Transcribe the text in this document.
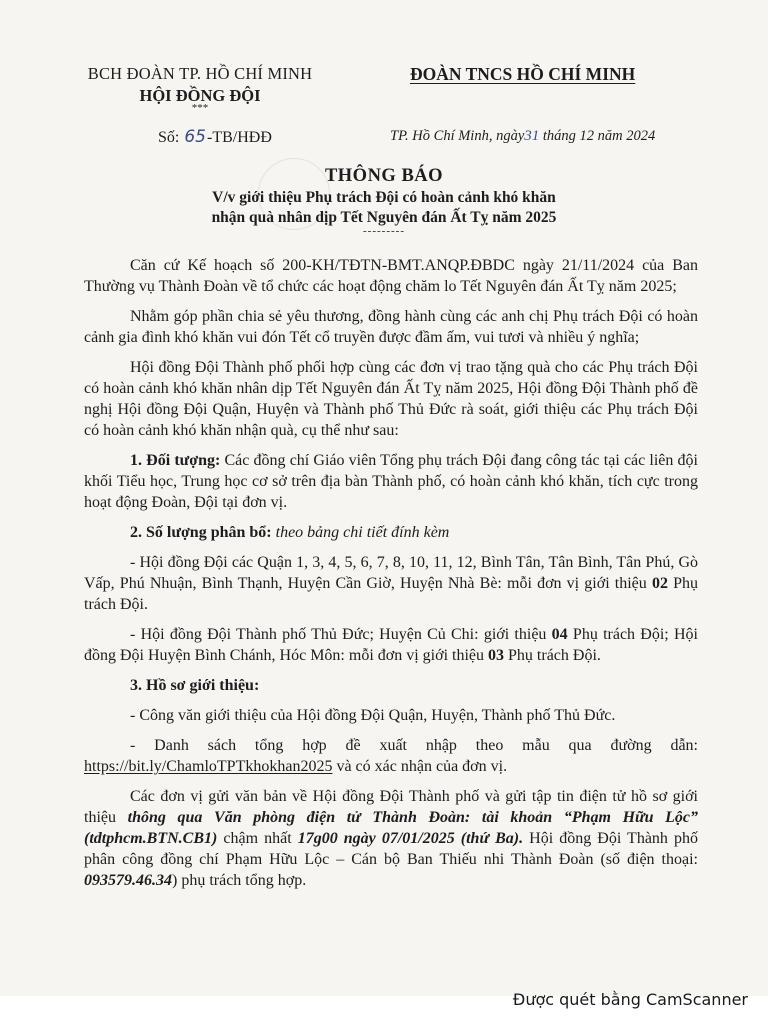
BCH ĐOÀN TP. HỒ CHÍ MINH
HỘI ĐỒNG ĐỘI
***
ĐOÀN TNCS HỒ CHÍ MINH
Số: 65-TB/HĐĐ	TP. Hồ Chí Minh, ngày31 tháng 12 năm 2024
THÔNG BÁO
V/v giới thiệu Phụ trách Đội có hoàn cảnh khó khăn
nhận quà nhân dịp Tết Nguyên đán Ất Tỵ năm 2025
---------

Căn cứ Kế hoạch số 200-KH/TĐTN-BMT.ANQP.ĐBDC ngày 21/11/2024 của Ban Thường vụ Thành Đoàn về tổ chức các hoạt động chăm lo Tết Nguyên đán Ất Tỵ năm 2025;

Nhằm góp phần chia sẻ yêu thương, đồng hành cùng các anh chị Phụ trách Đội có hoàn cảnh gia đình khó khăn vui đón Tết cổ truyền được đầm ấm, vui tươi và nhiều ý nghĩa;

Hội đồng Đội Thành phố phối hợp cùng các đơn vị trao tặng quà cho các Phụ trách Đội có hoàn cảnh khó khăn nhân dịp Tết Nguyên đán Ất Tỵ năm 2025, Hội đồng Đội Thành phố đề nghị Hội đồng Đội Quận, Huyện và Thành phố Thủ Đức rà soát, giới thiệu các Phụ trách Đội có hoàn cảnh khó khăn nhận quà, cụ thể như sau:

1. Đối tượng: Các đồng chí Giáo viên Tổng phụ trách Đội đang công tác tại các liên đội khối Tiểu học, Trung học cơ sở trên địa bàn Thành phố, có hoàn cảnh khó khăn, tích cực trong hoạt động Đoàn, Đội tại đơn vị.

2. Số lượng phân bổ: theo bảng chi tiết đính kèm

- Hội đồng Đội các Quận 1, 3, 4, 5, 6, 7, 8, 10, 11, 12, Bình Tân, Tân Bình, Tân Phú, Gò Vấp, Phú Nhuận, Bình Thạnh, Huyện Cần Giờ, Huyện Nhà Bè: mỗi đơn vị giới thiệu 02 Phụ trách Đội.

- Hội đồng Đội Thành phố Thủ Đức; Huyện Củ Chi: giới thiệu 04 Phụ trách Đội; Hội đồng Đội Huyện Bình Chánh, Hóc Môn: mỗi đơn vị giới thiệu 03 Phụ trách Đội.

3. Hồ sơ giới thiệu:

- Công văn giới thiệu của Hội đồng Đội Quận, Huyện, Thành phố Thủ Đức.

- Danh sách tổng hợp đề xuất nhập theo mẫu qua đường dẫn: https://bit.ly/ChamloTPTkhokhan2025 và có xác nhận của đơn vị.

Các đơn vị gửi văn bản về Hội đồng Đội Thành phố và gửi tập tin điện tử hồ sơ giới thiệu thông qua Văn phòng điện tử Thành Đoàn: tài khoản “Phạm Hữu Lộc” (tdtphcm.BTN.CB1) chậm nhất 17g00 ngày 07/01/2025 (thứ Ba). Hội đồng Đội Thành phố phân công đồng chí Phạm Hữu Lộc – Cán bộ Ban Thiếu nhi Thành Đoàn (số điện thoại: 093579.46.34) phụ trách tổng hợp.

Được quét bằng CamScanner
